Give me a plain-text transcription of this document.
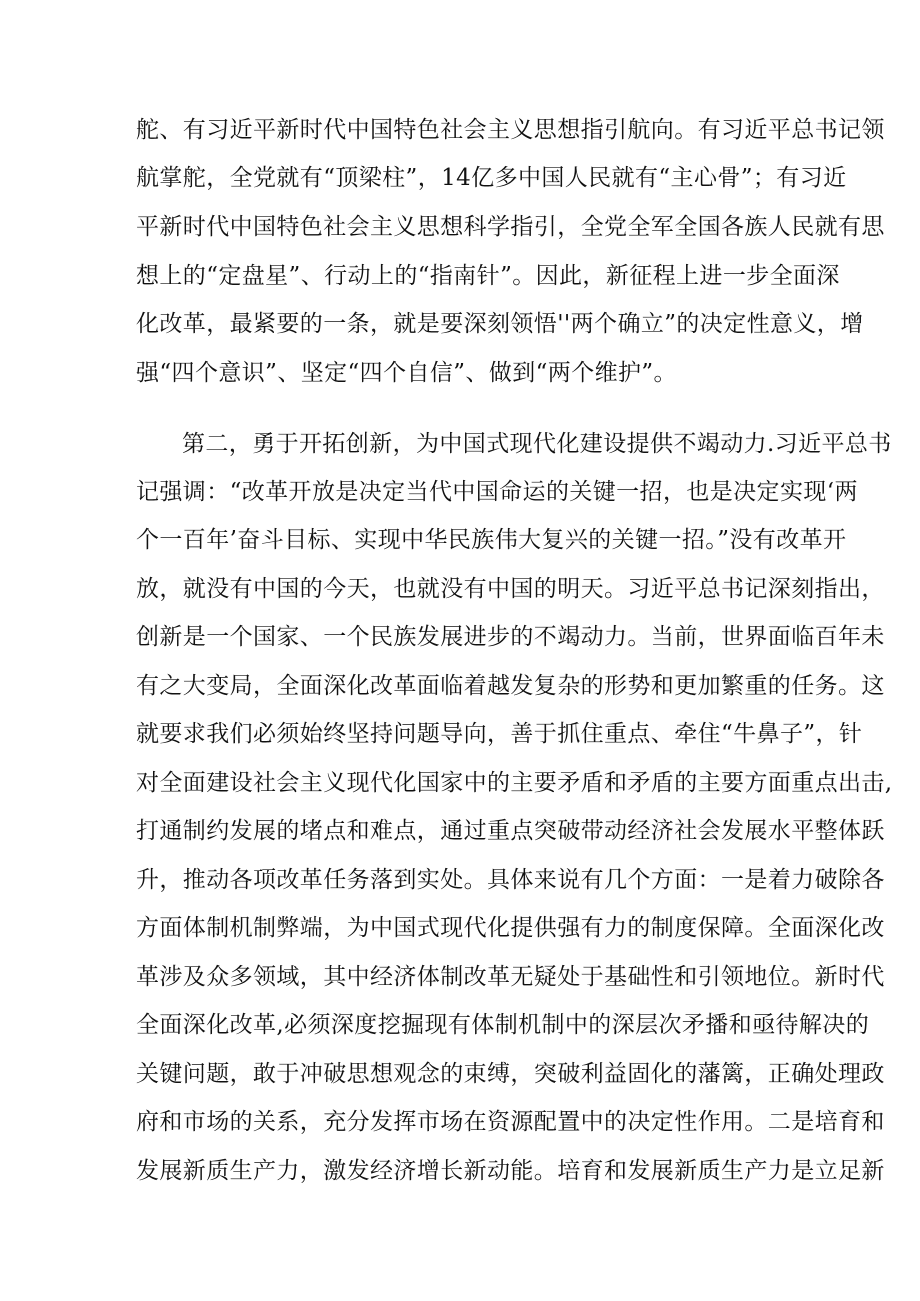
舵、有习近平新时代中国特色社会主义思想指引航向。有习近平总书记领
航掌舵，全党就有“顶梁柱”，14亿多中国人民就有“主心骨”；有习近
平新时代中国特色社会主义思想科学指引，全党全军全国各族人民就有思
想上的“定盘星”、行动上的“指南针”。因此，新征程上进一步全面深
化改革，最紧要的一条，就是要深刻领悟''两个确立”的决定性意义，增
强“四个意识”、坚定“四个自信”、做到“两个维护”。
第二，勇于开拓创新，为中国式现代化建设提供不竭动力.习近平总书
记强调：“改革开放是决定当代中国命运的关键一招，也是决定实现‘两
个一百年’奋斗目标、实现中华民族伟大复兴的关键一招。”没有改革开
放，就没有中国的今天，也就没有中国的明天。习近平总书记深刻指出，
创新是一个国家、一个民族发展进步的不竭动力。当前，世界面临百年未
有之大变局，全面深化改革面临着越发复杂的形势和更加繁重的任务。这
就要求我们必须始终坚持问题导向，善于抓住重点、牵住“牛鼻子”，针
对全面建设社会主义现代化国家中的主要矛盾和矛盾的主要方面重点出击,
打通制约发展的堵点和难点，通过重点突破带动经济社会发展水平整体跃
升，推动各项改革任务落到实处。具体来说有几个方面：一是着力破除各
方面体制机制弊端，为中国式现代化提供强有力的制度保障。全面深化改
革涉及众多领域，其中经济体制改革无疑处于基础性和引领地位。新时代
全面深化改革,必须深度挖掘现有体制机制中的深层次矛播和亟待解决的
关键问题，敢于冲破思想观念的束缚，突破利益固化的藩篱，正确处理政
府和市场的关系，充分发挥市场在资源配置中的决定性作用。二是培育和
发展新质生产力，激发经济增长新动能。培育和发展新质生产力是立足新
